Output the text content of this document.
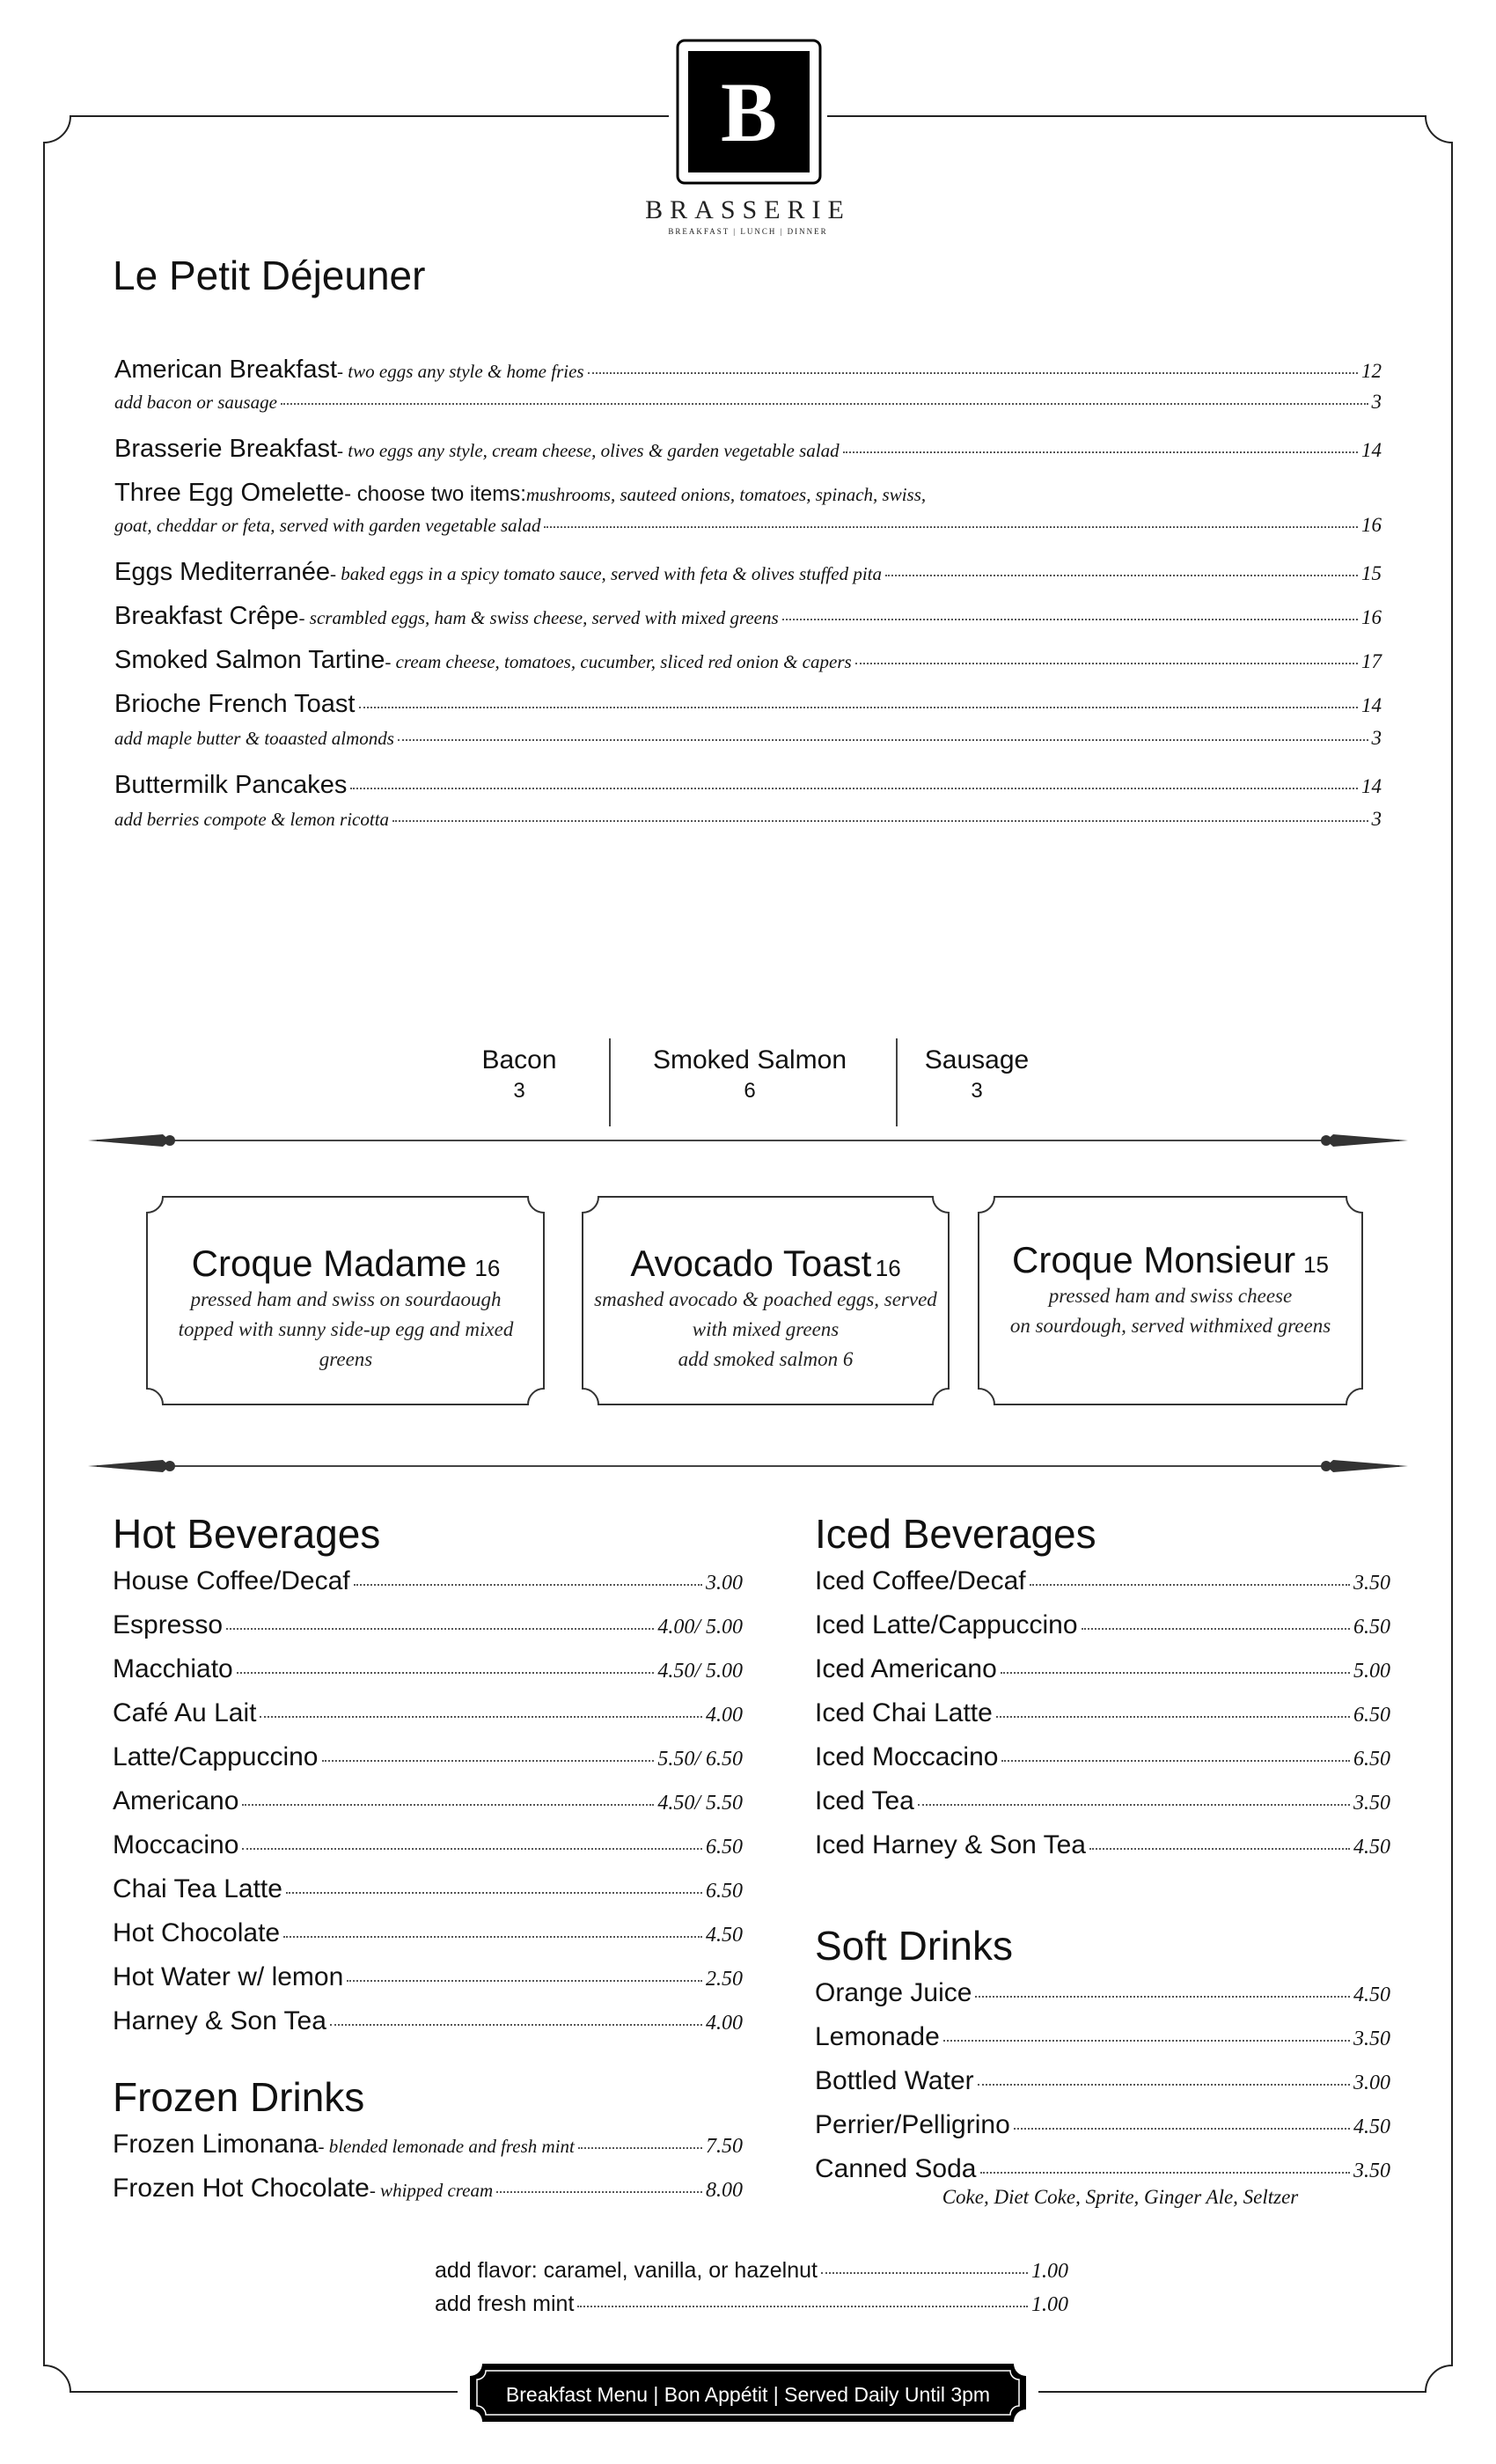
B
BRASSERIE
BREAKFAST | LUNCH | DINNER
Le Petit Déjeuner
American Breakfast - two eggs any style & home fries	12
add bacon or sausage	3
Brasserie Breakfast - two eggs any style, cream cheese, olives & garden vegetable salad	14
Three Egg Omelette - choose two items: mushrooms, sauteed onions, tomatoes, spinach, swiss,
goat, cheddar or feta, served with garden vegetable salad	16
Eggs Mediterranée - baked eggs in a spicy tomato sauce, served with feta & olives stuffed pita	15
Breakfast Crêpe - scrambled eggs, ham & swiss cheese, served with mixed greens	16
Smoked Salmon Tartine - cream cheese, tomatoes, cucumber, sliced red onion & capers	17
Brioche French Toast	14
add maple butter & toaasted almonds	3
Buttermilk Pancakes	14
add berries compote & lemon ricotta	3
Bacon
3
Smoked Salmon
6
Sausage
3
Croque Madame 16
pressed ham and swiss on sourdaough
topped with sunny side-up egg and mixed
greens
Avocado Toast 16
smashed avocado & poached eggs, served
with mixed greens
add smoked salmon 6
Croque Monsieur 15
pressed ham and swiss cheese
on sourdough, served withmixed greens
Hot Beverages
House Coffee/Decaf	3.00
Espresso	4.00/ 5.00
Macchiato	4.50/ 5.00
Café Au Lait	4.00
Latte/Cappuccino	5.50/ 6.50
Americano	4.50/ 5.50
Moccacino	6.50
Chai Tea Latte	6.50
Hot Chocolate	4.50
Hot Water w/ lemon	2.50
Harney & Son Tea	4.00
Frozen Drinks
Frozen Limonana - blended lemonade and fresh mint	7.50
Frozen Hot Chocolate - whipped cream	8.00
Iced Beverages
Iced Coffee/Decaf	3.50
Iced Latte/Cappuccino	6.50
Iced Americano	5.00
Iced Chai Latte	6.50
Iced Moccacino	6.50
Iced Tea	3.50
Iced Harney & Son Tea	4.50
Soft Drinks
Orange Juice	4.50
Lemonade	3.50
Bottled Water	3.00
Perrier/Pelligrino	4.50
Canned Soda	3.50
Coke, Diet Coke, Sprite, Ginger Ale, Seltzer
add flavor: caramel, vanilla, or hazelnut	1.00
add fresh mint	1.00
Breakfast Menu | Bon Appétit | Served Daily Until 3pm
